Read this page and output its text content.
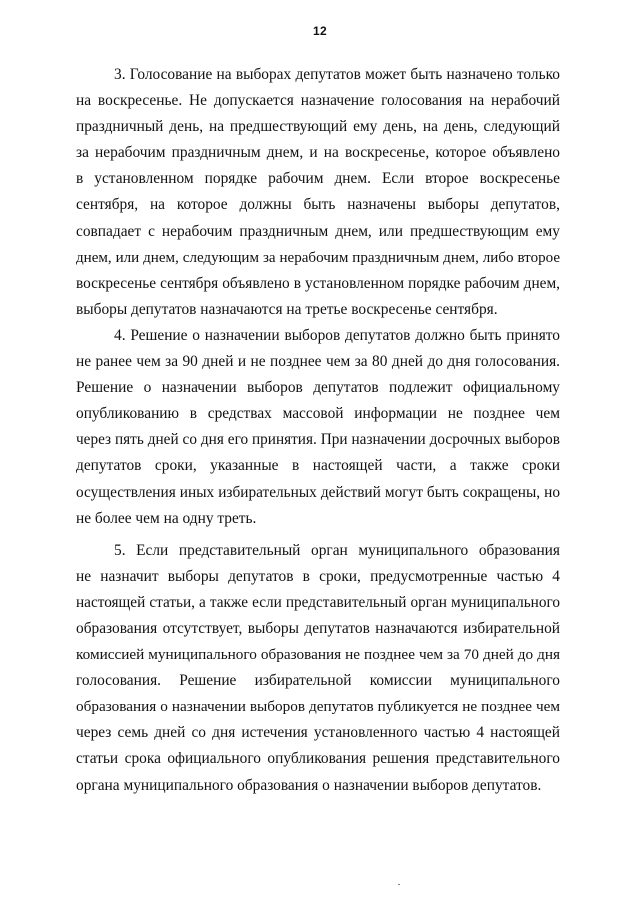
12
3. Голосование на выборах депутатов может быть назначено только
на воскресенье. Не допускается назначение голосования на нерабочий
праздничный день, на предшествующий ему день, на день, следующий
за нерабочим праздничным днем, и на воскресенье, которое объявлено
в установленном порядке рабочим днем. Если второе воскресенье
сентября, на которое должны быть назначены выборы депутатов,
совпадает с нерабочим праздничным днем, или предшествующим ему
днем, или днем, следующим за нерабочим праздничным днем, либо второе
воскресенье сентября объявлено в установленном порядке рабочим днем,
выборы депутатов назначаются на третье воскресенье сентября.
4. Решение о назначении выборов депутатов должно быть принято
не ранее чем за 90 дней и не позднее чем за 80 дней до дня голосования.
Решение о назначении выборов депутатов подлежит официальному
опубликованию в средствах массовой информации не позднее чем
через пять дней со дня его принятия. При назначении досрочных выборов
депутатов сроки, указанные в настоящей части, а также сроки
осуществления иных избирательных действий могут быть сокращены, но
не более чем на одну треть.
5. Если представительный орган муниципального образования
не назначит выборы депутатов в сроки, предусмотренные частью 4
настоящей статьи, а также если представительный орган муниципального
образования отсутствует, выборы депутатов назначаются избирательной
комиссией муниципального образования не позднее чем за 70 дней до дня
голосования. Решение избирательной комиссии муниципального
образования о назначении выборов депутатов публикуется не позднее чем
через семь дней со дня истечения установленного частью 4 настоящей
статьи срока официального опубликования решения представительного
органа муниципального образования о назначении выборов депутатов.
